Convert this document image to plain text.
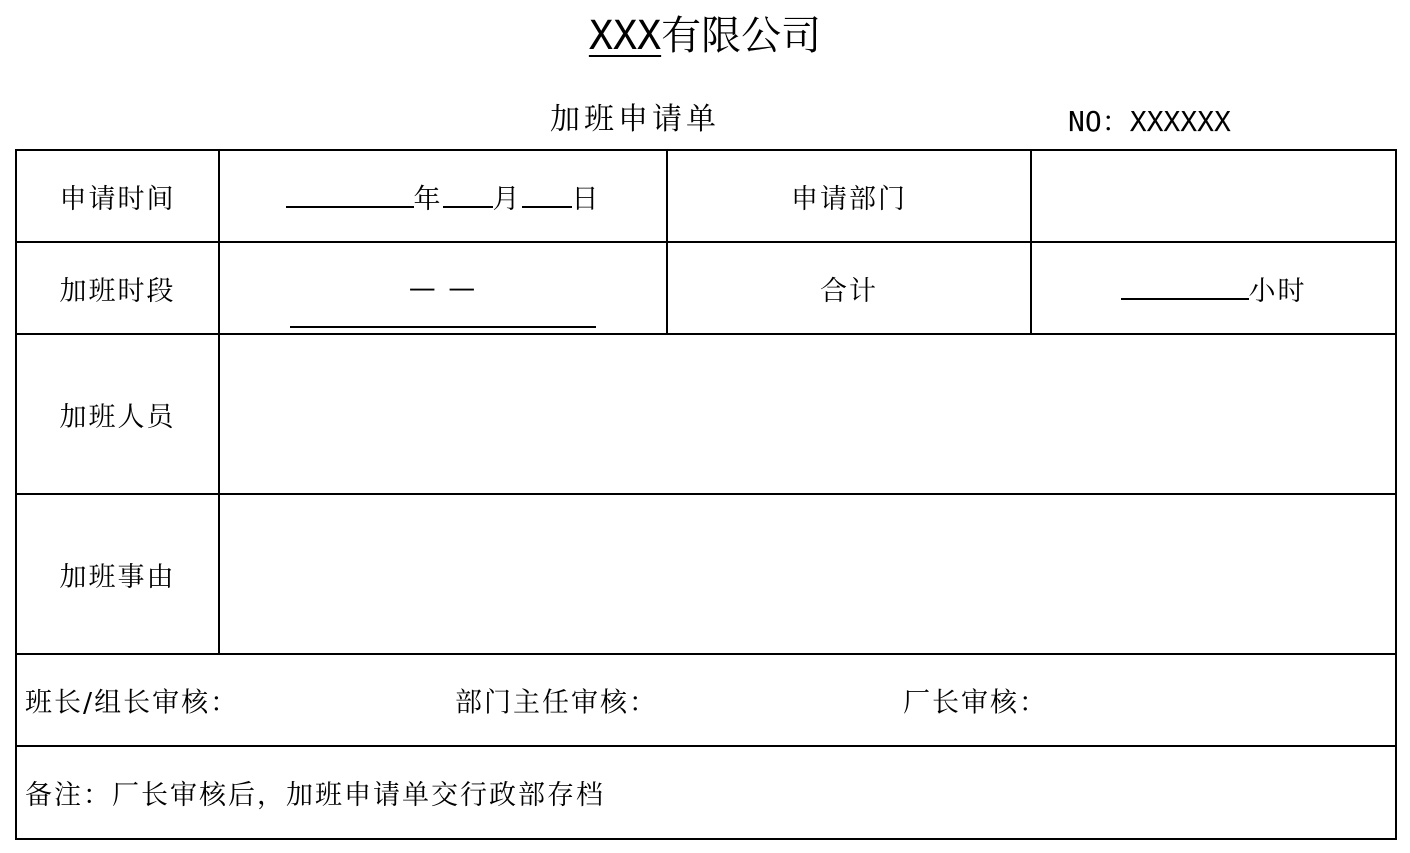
XXX有限公司
加班申请单	NO：XXXXXX
申请时间	年 月 日	申请部门	
加班时段	— —	合计	小时
加班人员			
加班事由			

班长/组长审核： 部门主任审核： 厂长审核：			

备注：厂长审核后，加班申请单交行政部存档			
